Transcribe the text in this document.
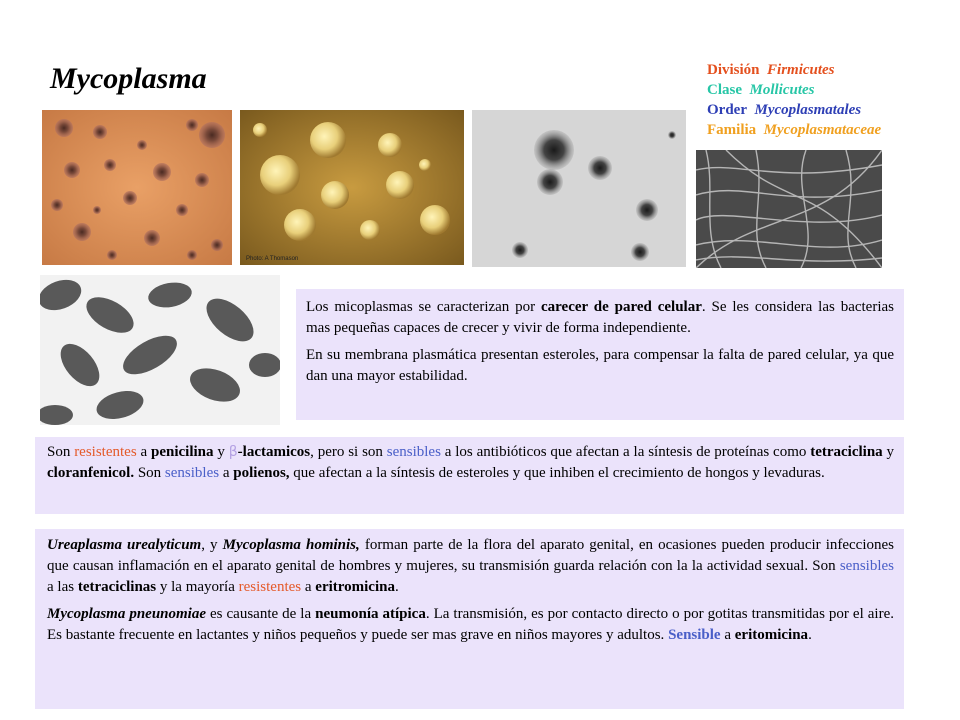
Mycoplasma	División Firmicutes
Clase Mollicutes
Order Mycoplasmatales
Familia Mycoplasmataceae
Photo: A Thomason

Los micoplasmas se caracterizan por carecer de pared celular. Se les considera las bacterias mas pequeñas capaces de crecer y vivir de forma independiente.

En su membrana plasmática presentan esteroles, para compensar la falta de pared celular, ya que dan una mayor estabilidad.

Son resistentes a penicilina y β-lactamicos, pero si son sensibles a los antibióticos que afectan a la síntesis de proteínas como tetraciclina y cloranfenicol. Son sensibles a polienos, que afectan a la síntesis de esteroles y que inhiben el crecimiento de hongos y levaduras.

Ureaplasma urealyticum, y Mycoplasma hominis, forman parte de la flora del aparato genital, en ocasiones pueden producir infecciones que causan inflamación en el aparato genital de hombres y mujeres, su transmisión guarda relación con la la actividad sexual. Son sensibles a las tetraciclinas y la mayoría resistentes a eritromicina.

Mycoplasma pneunomiae es causante de la neumonía atípica. La transmisión, es por contacto directo o por gotitas transmitidas por el aire. Es bastante frecuente en lactantes y niños pequeños y puede ser mas grave en niños mayores y adultos. Sensible a eritomicina.
